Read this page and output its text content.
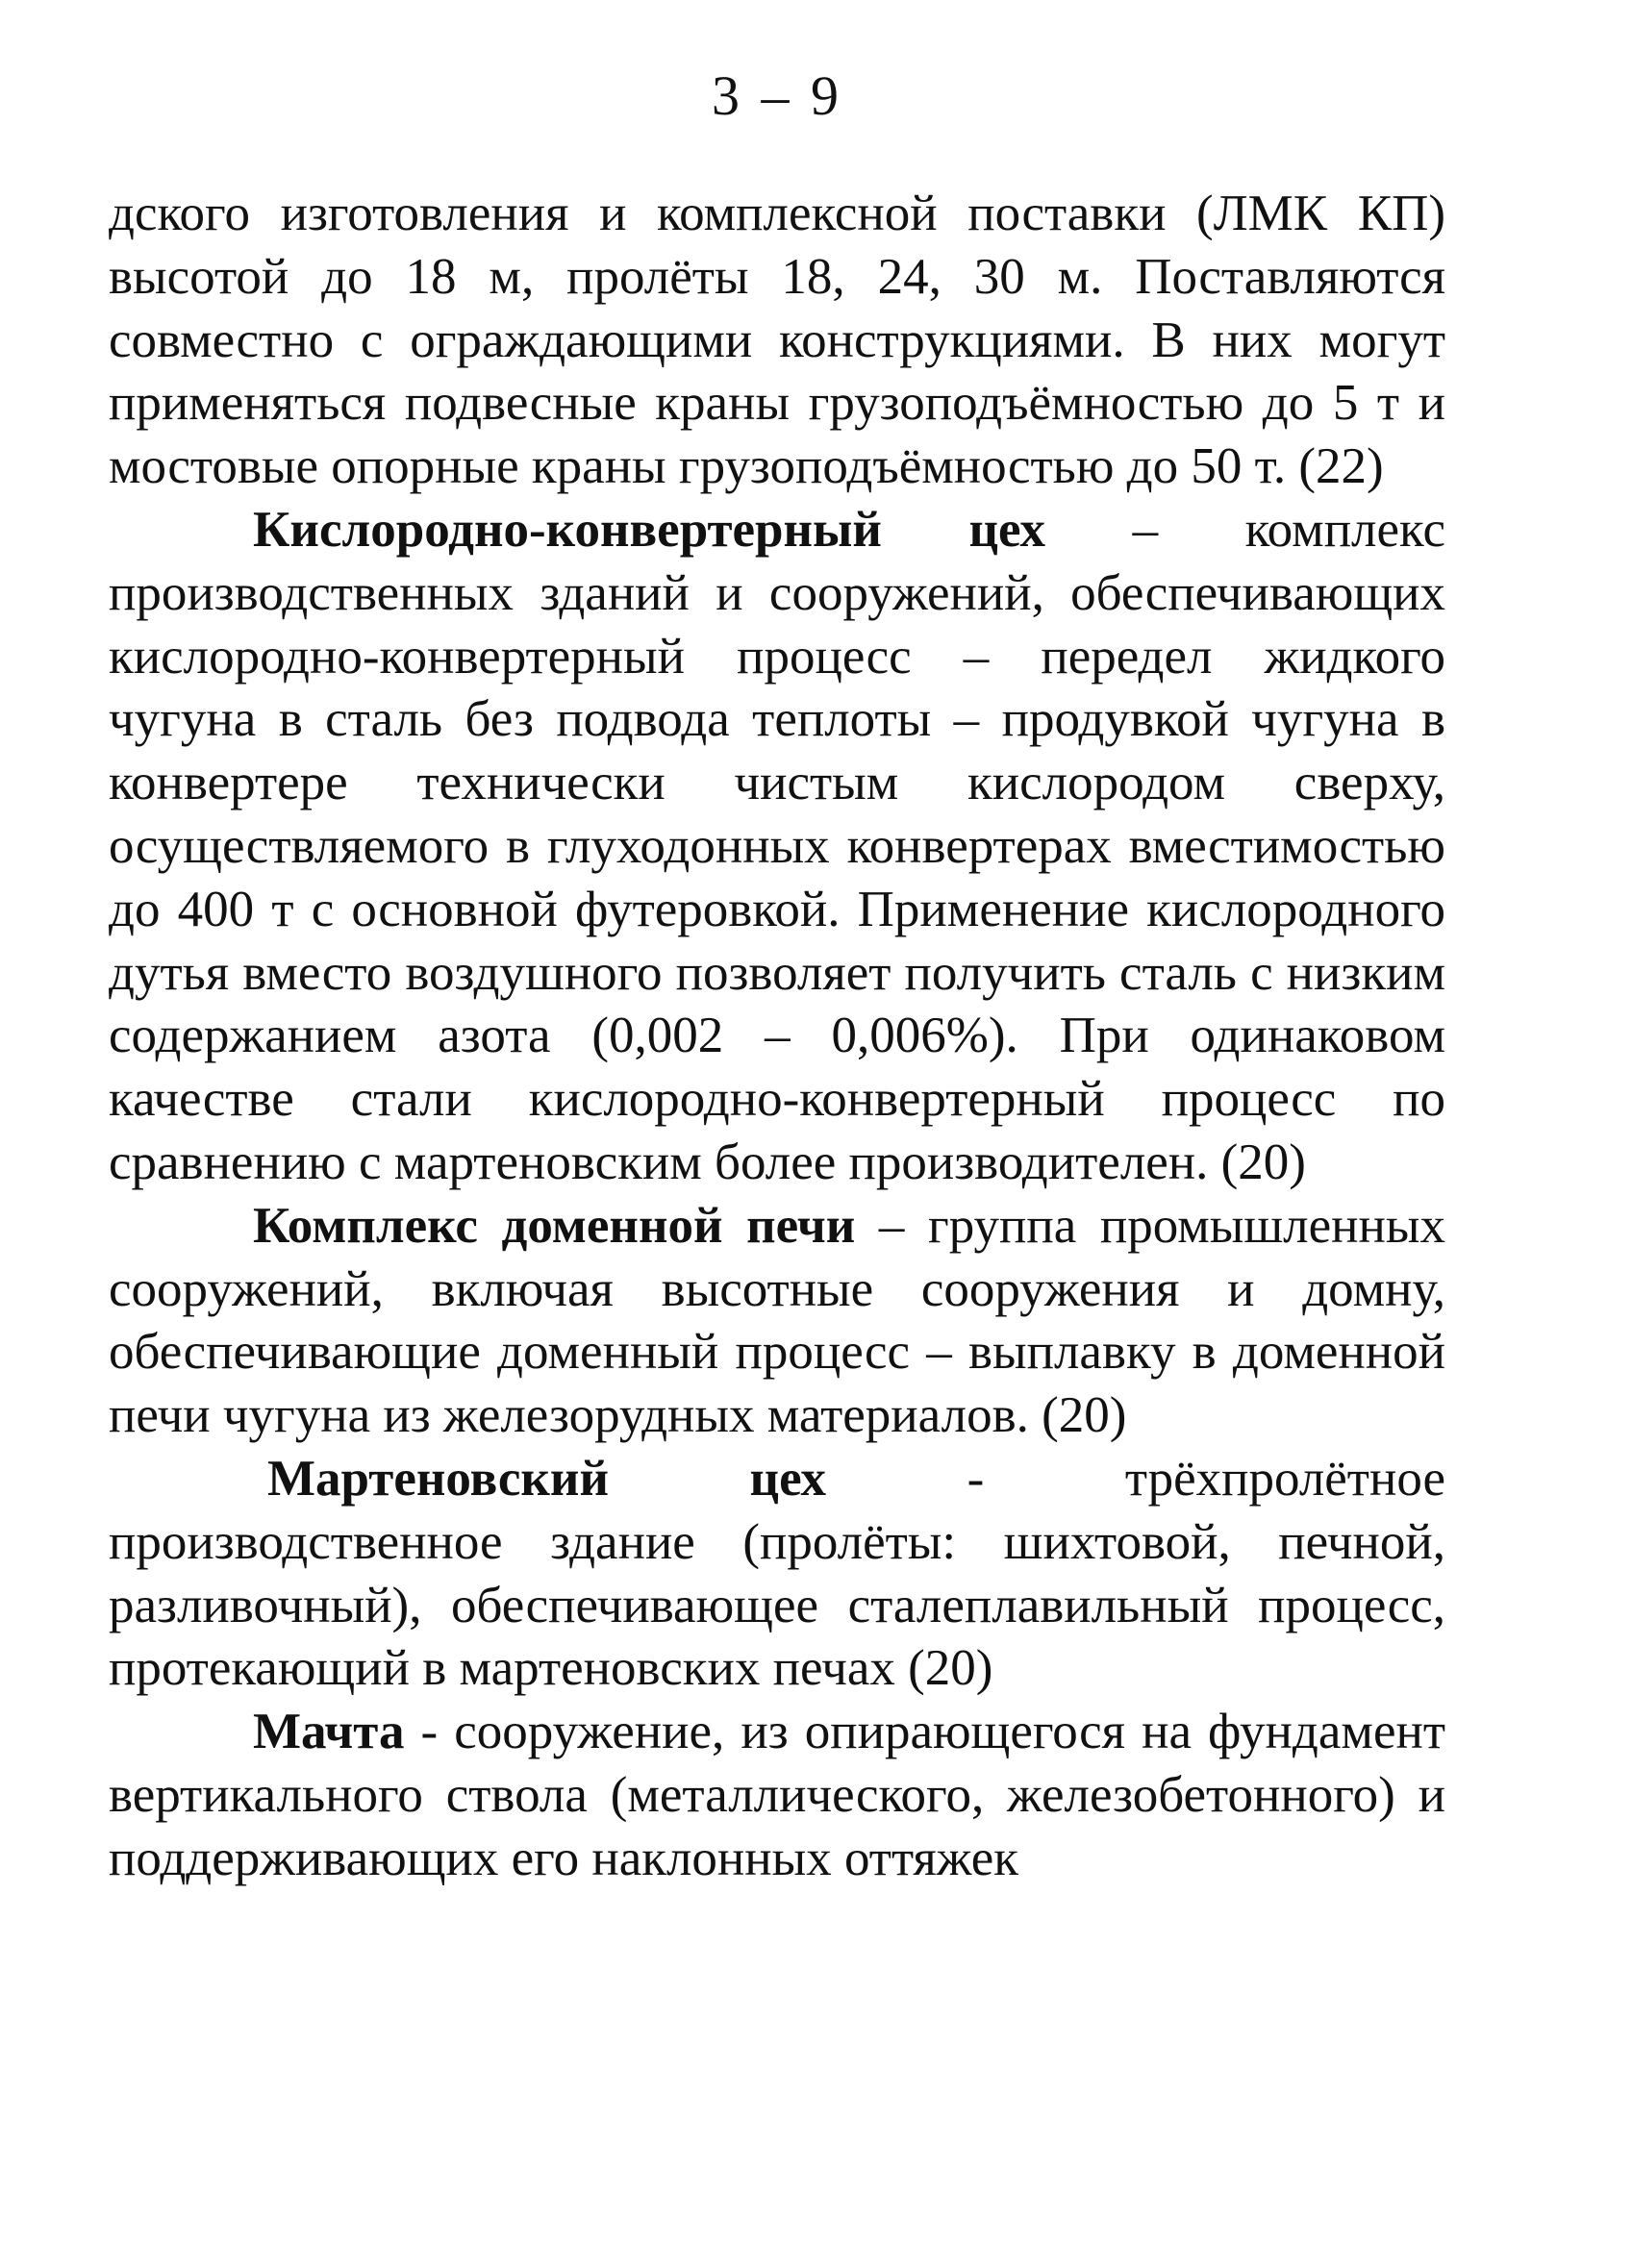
3 – 9

дского изготовления и комплексной поставки (ЛМК КП) высотой до 18 м, пролёты 18, 24, 30 м. Поставляются совместно с ограждающими конструкциями. В них могут применяться подвесные краны грузоподъёмностью до 5 т и мостовые опорные краны грузоподъёмностью до 50 т. (22)

Кислородно-конвертерный цех – комплекс производственных зданий и сооружений, обеспечивающих кислородно-конвертерный процесс – передел жидкого чугуна в сталь без подвода теплоты – продувкой чугуна в конвертере технически чистым кислородом сверху, осуществляемого в глуходонных конвертерах вместимостью до 400 т с основной футеровкой. Применение кислородного дутья вместо воздушного позволяет получить сталь с низким содержанием азота (0,002 – 0,006%). При одинаковом качестве стали кислородно-конвертерный процесс по сравнению с мартеновским более производителен. (20)

Комплекс доменной печи – группа промышленных сооружений, включая высотные сооружения и домну, обеспечивающие доменный процесс – выплавку в доменной печи чугуна из железорудных материалов. (20)

Мартеновский цех - трёхпролётное производственное здание (пролёты: шихтовой, печной, разливочный), обеспечивающее сталеплавильный процесс, протекающий в мартеновских печах (20)

Мачта - сооружение, из опирающегося на фундамент вертикального ствола (металлического, железобетонного) и поддерживающих его наклонных оттяжек
